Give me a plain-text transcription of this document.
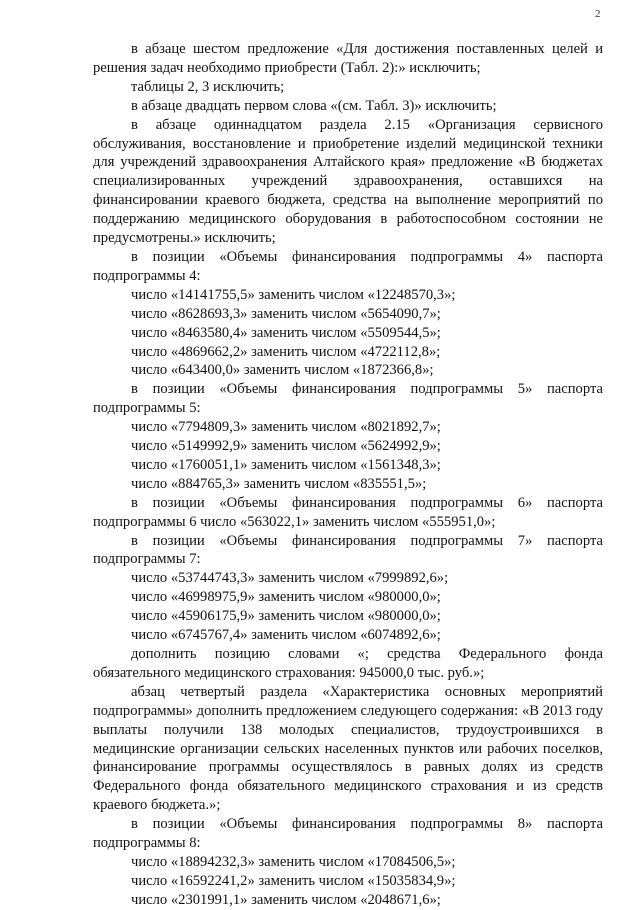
2

в абзаце шестом предложение «Для достижения поставленных целей и решения задач необходимо приобрести (Табл. 2):» исключить;

таблицы 2, 3 исключить;

в абзаце двадцать первом слова «(см. Табл. 3)» исключить;

в абзаце одиннадцатом раздела 2.15 «Организация сервисного обслуживания, восстановление и приобретение изделий медицинской техники для учреждений здравоохранения Алтайского края» предложение «В бюджетах специализированных учреждений здравоохранения, оставшихся на финансировании краевого бюджета, средства на выполнение мероприятий по поддержанию медицинского оборудования в работоспособном состоянии не предусмотрены.» исключить;

в позиции «Объемы финансирования подпрограммы 4» паспорта подпрограммы 4:

число «14141755,5» заменить числом «12248570,3»;

число «8628693,3» заменить числом «5654090,7»;

число «8463580,4» заменить числом «5509544,5»;

число «4869662,2» заменить числом «4722112,8»;

число «643400,0» заменить числом «1872366,8»;

в позиции «Объемы финансирования подпрограммы 5» паспорта подпрограммы 5:

число «7794809,3» заменить числом «8021892,7»;

число «5149992,9» заменить числом «5624992,9»;

число «1760051,1» заменить числом «1561348,3»;

число «884765,3» заменить числом «835551,5»;

в позиции «Объемы финансирования подпрограммы 6» паспорта подпрограммы 6 число «563022,1» заменить числом «555951,0»;

в позиции «Объемы финансирования подпрограммы 7» паспорта подпрограммы 7:

число «53744743,3» заменить числом «7999892,6»;

число «46998975,9» заменить числом «980000,0»;

число «45906175,9» заменить числом «980000,0»;

число «6745767,4» заменить числом «6074892,6»;

дополнить позицию словами «; средства Федерального фонда обязательного медицинского страхования: 945000,0 тыс. руб.»;

абзац четвертый раздела «Характеристика основных мероприятий подпрограммы» дополнить предложением следующего содержания: «В 2013 году выплаты получили 138 молодых специалистов, трудоустроившихся в медицинские организации сельских населенных пунктов или рабочих поселков, финансирование программы осуществлялось в равных долях из средств Федерального фонда обязательного медицинского страхования и из средств краевого бюджета.»;

в позиции «Объемы финансирования подпрограммы 8» паспорта подпрограммы 8:

число «18894232,3» заменить числом «17084506,5»;

число «16592241,2» заменить числом «15035834,9»;

число «2301991,1» заменить числом «2048671,6»;
